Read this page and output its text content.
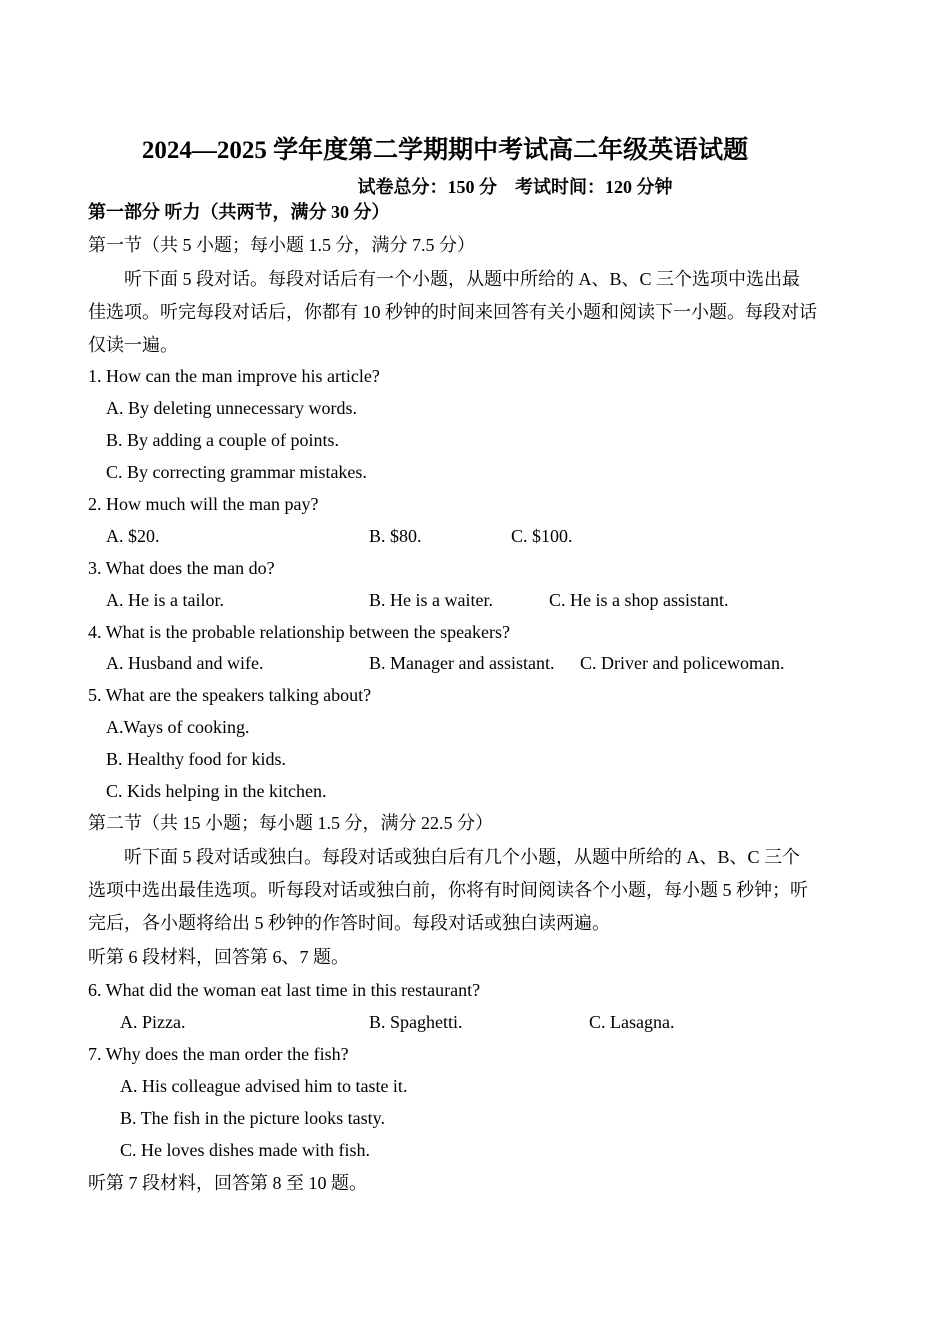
2024—2025 学年度第二学期期中考试高二年级英语试题
试卷总分：150 分　考试时间：120 分钟
第一部分 听力（共两节，满分 30 分）
第一节（共 5 小题；每小题 1.5 分，满分 7.5 分）
听下面 5 段对话。每段对话后有一个小题，从题中所给的 A、B、C 三个选项中选出最
佳选项。听完每段对话后，你都有 10 秒钟的时间来回答有关小题和阅读下一小题。每段对话
仅读一遍。
1. How can the man improve his article?
A. By deleting unnecessary words.
B. By adding a couple of points.
C. By correcting grammar mistakes.
2. How much will the man pay?
A. $20.	B. $80.	C. $100.
3. What does the man do?
A. He is a tailor.	B. He is a waiter.	C. He is a shop assistant.
4. What is the probable relationship between the speakers?
A. Husband and wife.	B. Manager and assistant. C. Driver and policewoman.
5. What are the speakers talking about?
A.Ways of cooking.
B. Healthy food for kids.
C. Kids helping in the kitchen.
第二节（共 15 小题；每小题 1.5 分，满分 22.5 分）
听下面 5 段对话或独白。每段对话或独白后有几个小题，从题中所给的 A、B、C 三个
选项中选出最佳选项。听每段对话或独白前，你将有时间阅读各个小题，每小题 5 秒钟；听
完后，各小题将给出 5 秒钟的作答时间。每段对话或独白读两遍。
听第 6 段材料，回答第 6、7 题。
6. What did the woman eat last time in this restaurant?
A. Pizza.	B. Spaghetti.	C. Lasagna.
7. Why does the man order the fish?
A. His colleague advised him to taste it.
B. The fish in the picture looks tasty.
C. He loves dishes made with fish.
听第 7 段材料，回答第 8 至 10 题。
